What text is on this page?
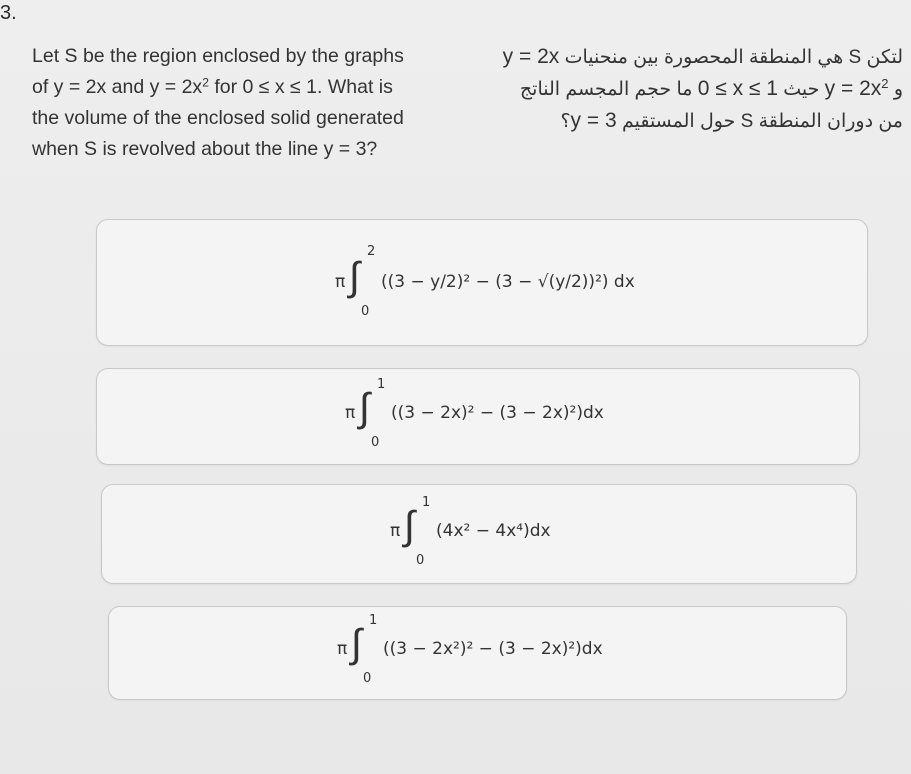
3.
Let S be the region enclosed by the graphs
of y = 2x and $y = 2x^2$ for 0 ≤ x ≤ 1. What is
the volume of the enclosed solid generated
when S is revolved about the line y = 3?
لتكن S هي المنطقة المحصورة بين منحنيات y = 2x
و $y = 2x^2$ حيث 0 ≤ x ≤ 1 ما حجم المجسم الناتج
من دوران المنطقة S حول المستقيم y = 3؟
π ∫
2
0
((3 − y/2)² − (3 − √(y/2))²) dx
π ∫
1
0
((3 − 2x)² − (3 − 2x)²)dx
π ∫
1
0
(4x² − 4x⁴)dx
π ∫
1
0
((3 − 2x²)² − (3 − 2x)²)dx
